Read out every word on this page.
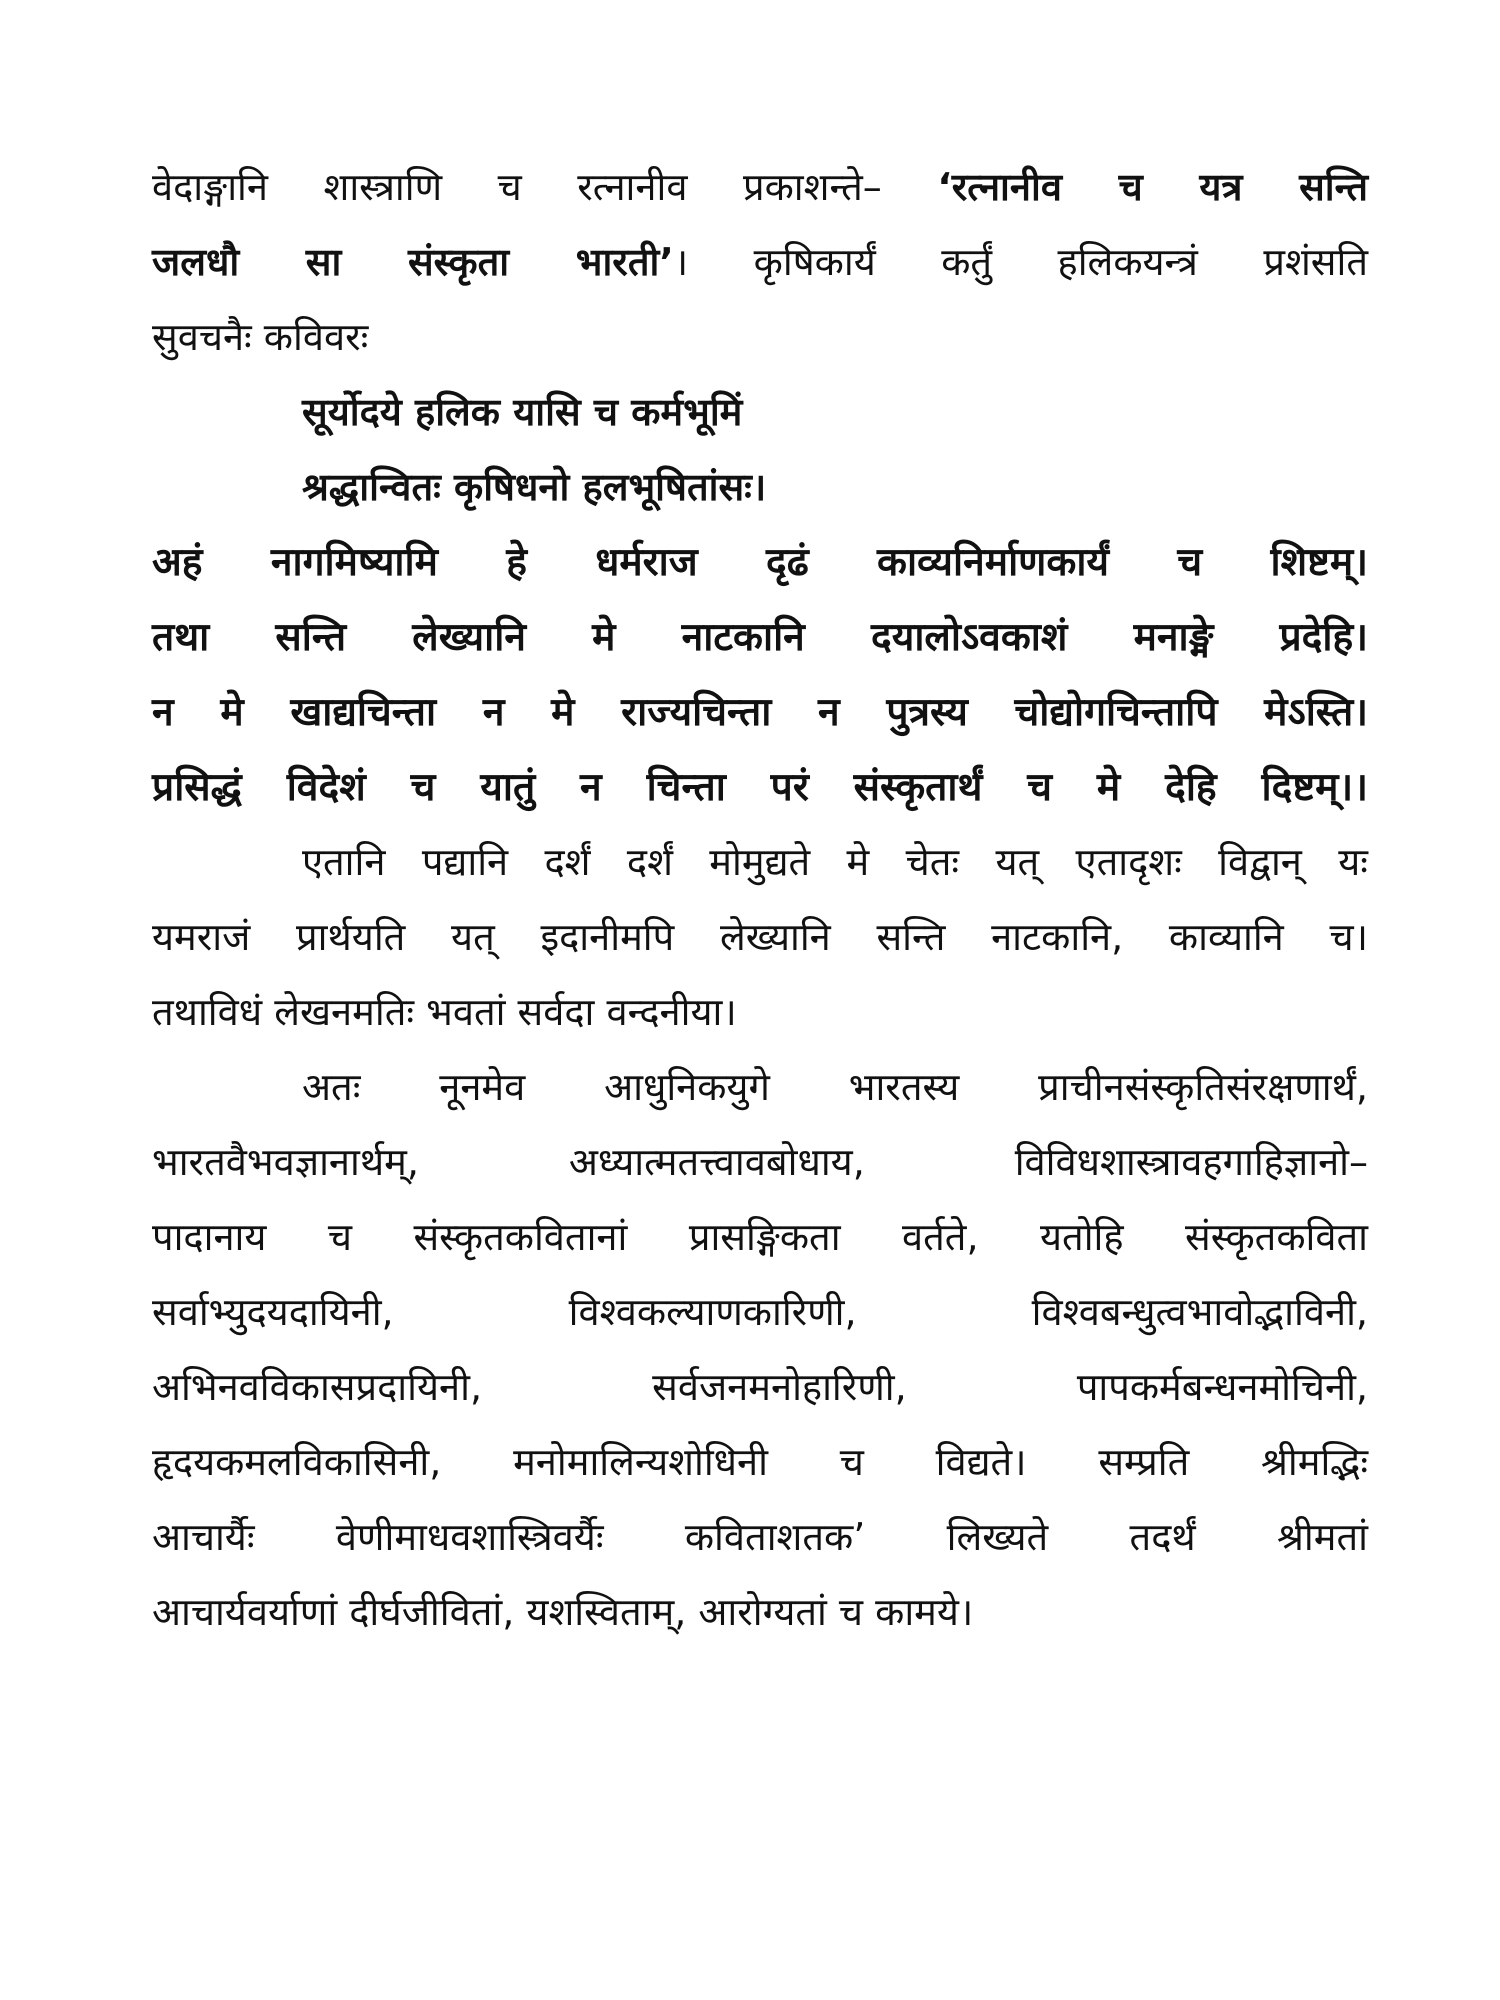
वेदाङ्गानि शास्त्राणि च रत्नानीव प्रकाशन्ते– ‘रत्नानीव च यत्र सन्ति
जलधौ सा संस्कृता भारती’। कृषिकार्यं कर्तुं हलिकयन्त्रं प्रशंसति
सुवचनैः कविवरः
सूर्योदये हलिक यासि च कर्मभूमिं
श्रद्धान्वितः कृषिधनो हलभूषितांसः।
अहं नागमिष्यामि हे धर्मराज दृढं काव्यनिर्माणकार्यं च शिष्टम्।
तथा सन्ति लेख्यानि मे नाटकानि दयालोऽवकाशं मनाङ्मे प्रदेहि।
न मे खाद्यचिन्ता न मे राज्यचिन्ता न पुत्रस्य चोद्योगचिन्तापि मेऽस्ति।
प्रसिद्धं विदेशं च यातुं न चिन्ता परं संस्कृतार्थं च मे देहि दिष्टम्।।
एतानि पद्यानि दर्शं दर्शं मोमुद्यते मे चेतः यत् एतादृशः विद्वान् यः
यमराजं प्रार्थयति यत् इदानीमपि लेख्यानि सन्ति नाटकानि, काव्यानि च।
तथाविधं लेखनमतिः भवतां सर्वदा वन्दनीया।
अतः नूनमेव आधुनिकयुगे भारतस्य प्राचीनसंस्कृतिसंरक्षणार्थं,
भारतवैभवज्ञानार्थम्, अध्यात्मतत्त्वावबोधाय, विविधशास्त्रावहगाहिज्ञानो–
पादानाय च संस्कृतकवितानां प्रासङ्गिकता वर्तते, यतोहि संस्कृतकविता
सर्वाभ्युदयदायिनी, विश्वकल्याणकारिणी, विश्वबन्धुत्वभावोद्भाविनी,
अभिनवविकासप्रदायिनी, सर्वजनमनोहारिणी, पापकर्मबन्धनमोचिनी,
हृदयकमलविकासिनी, मनोमालिन्यशोधिनी च विद्यते। सम्प्रति श्रीमद्भिः
आचार्यैः वेणीमाधवशास्त्रिवर्यैः कविताशतक’ लिख्यते तदर्थं श्रीमतां
आचार्यवर्याणां दीर्घजीवितां, यशस्विताम्, आरोग्यतां च कामये।
